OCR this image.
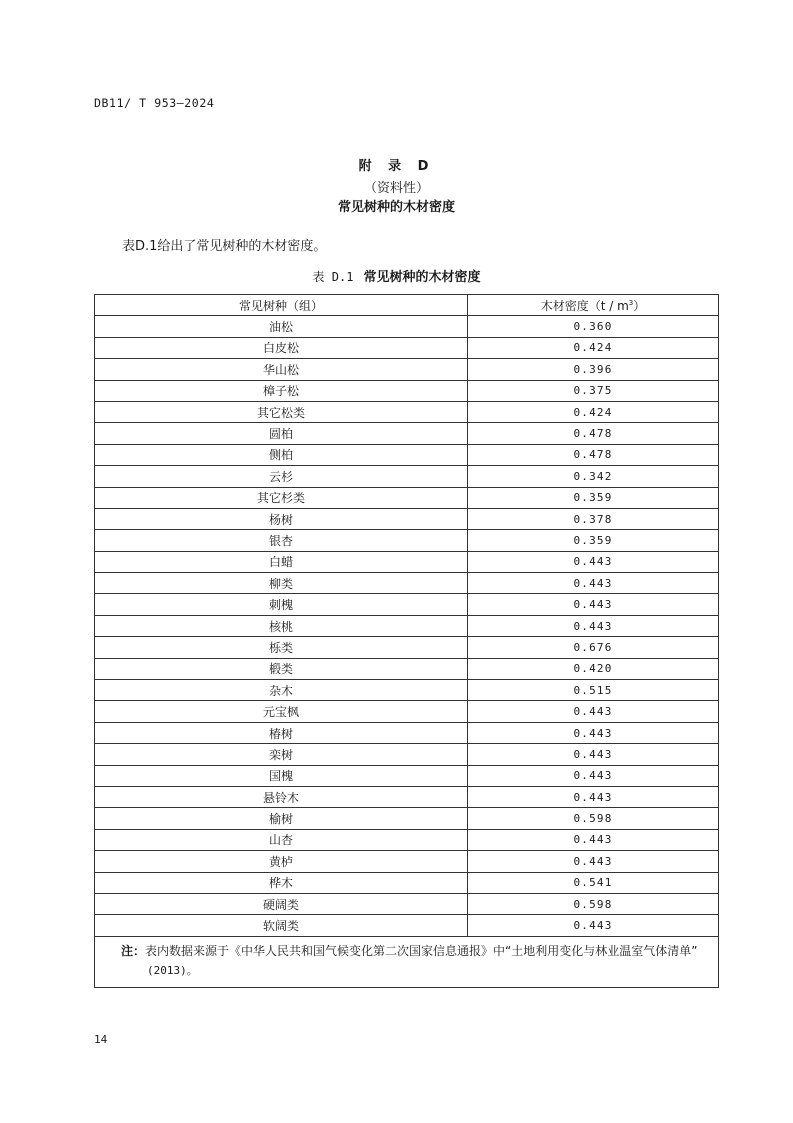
DB11/ T 953—2024
附 录 D
（资料性）
常见树种的木材密度
表D.1给出了常见树种的木材密度。
表 D.1 常见树种的木材密度
常见树种（组）	木材密度$(t / m^3)$
油松	0.360
白皮松	0.424
华山松	0.396
樟子松	0.375
其它松类	0.424
圆柏	0.478
侧柏	0.478
云杉	0.342
其它杉类	0.359
杨树	0.378
银杏	0.359
白蜡	0.443
柳类	0.443
刺槐	0.443
核桃	0.443
栎类	0.676
椴类	0.420
杂木	0.515
元宝枫	0.443
椿树	0.443
栾树	0.443
国槐	0.443
悬铃木	0.443
榆树	0.598
山杏	0.443
黄栌	0.443
桦木	0.541
硬阔类	0.598
软阔类	0.443
注：表内数据来源于《中华人民共和国气候变化第二次国家信息通报》中“土地利用变化与林业温室气体清单”
(2013)。	
14
